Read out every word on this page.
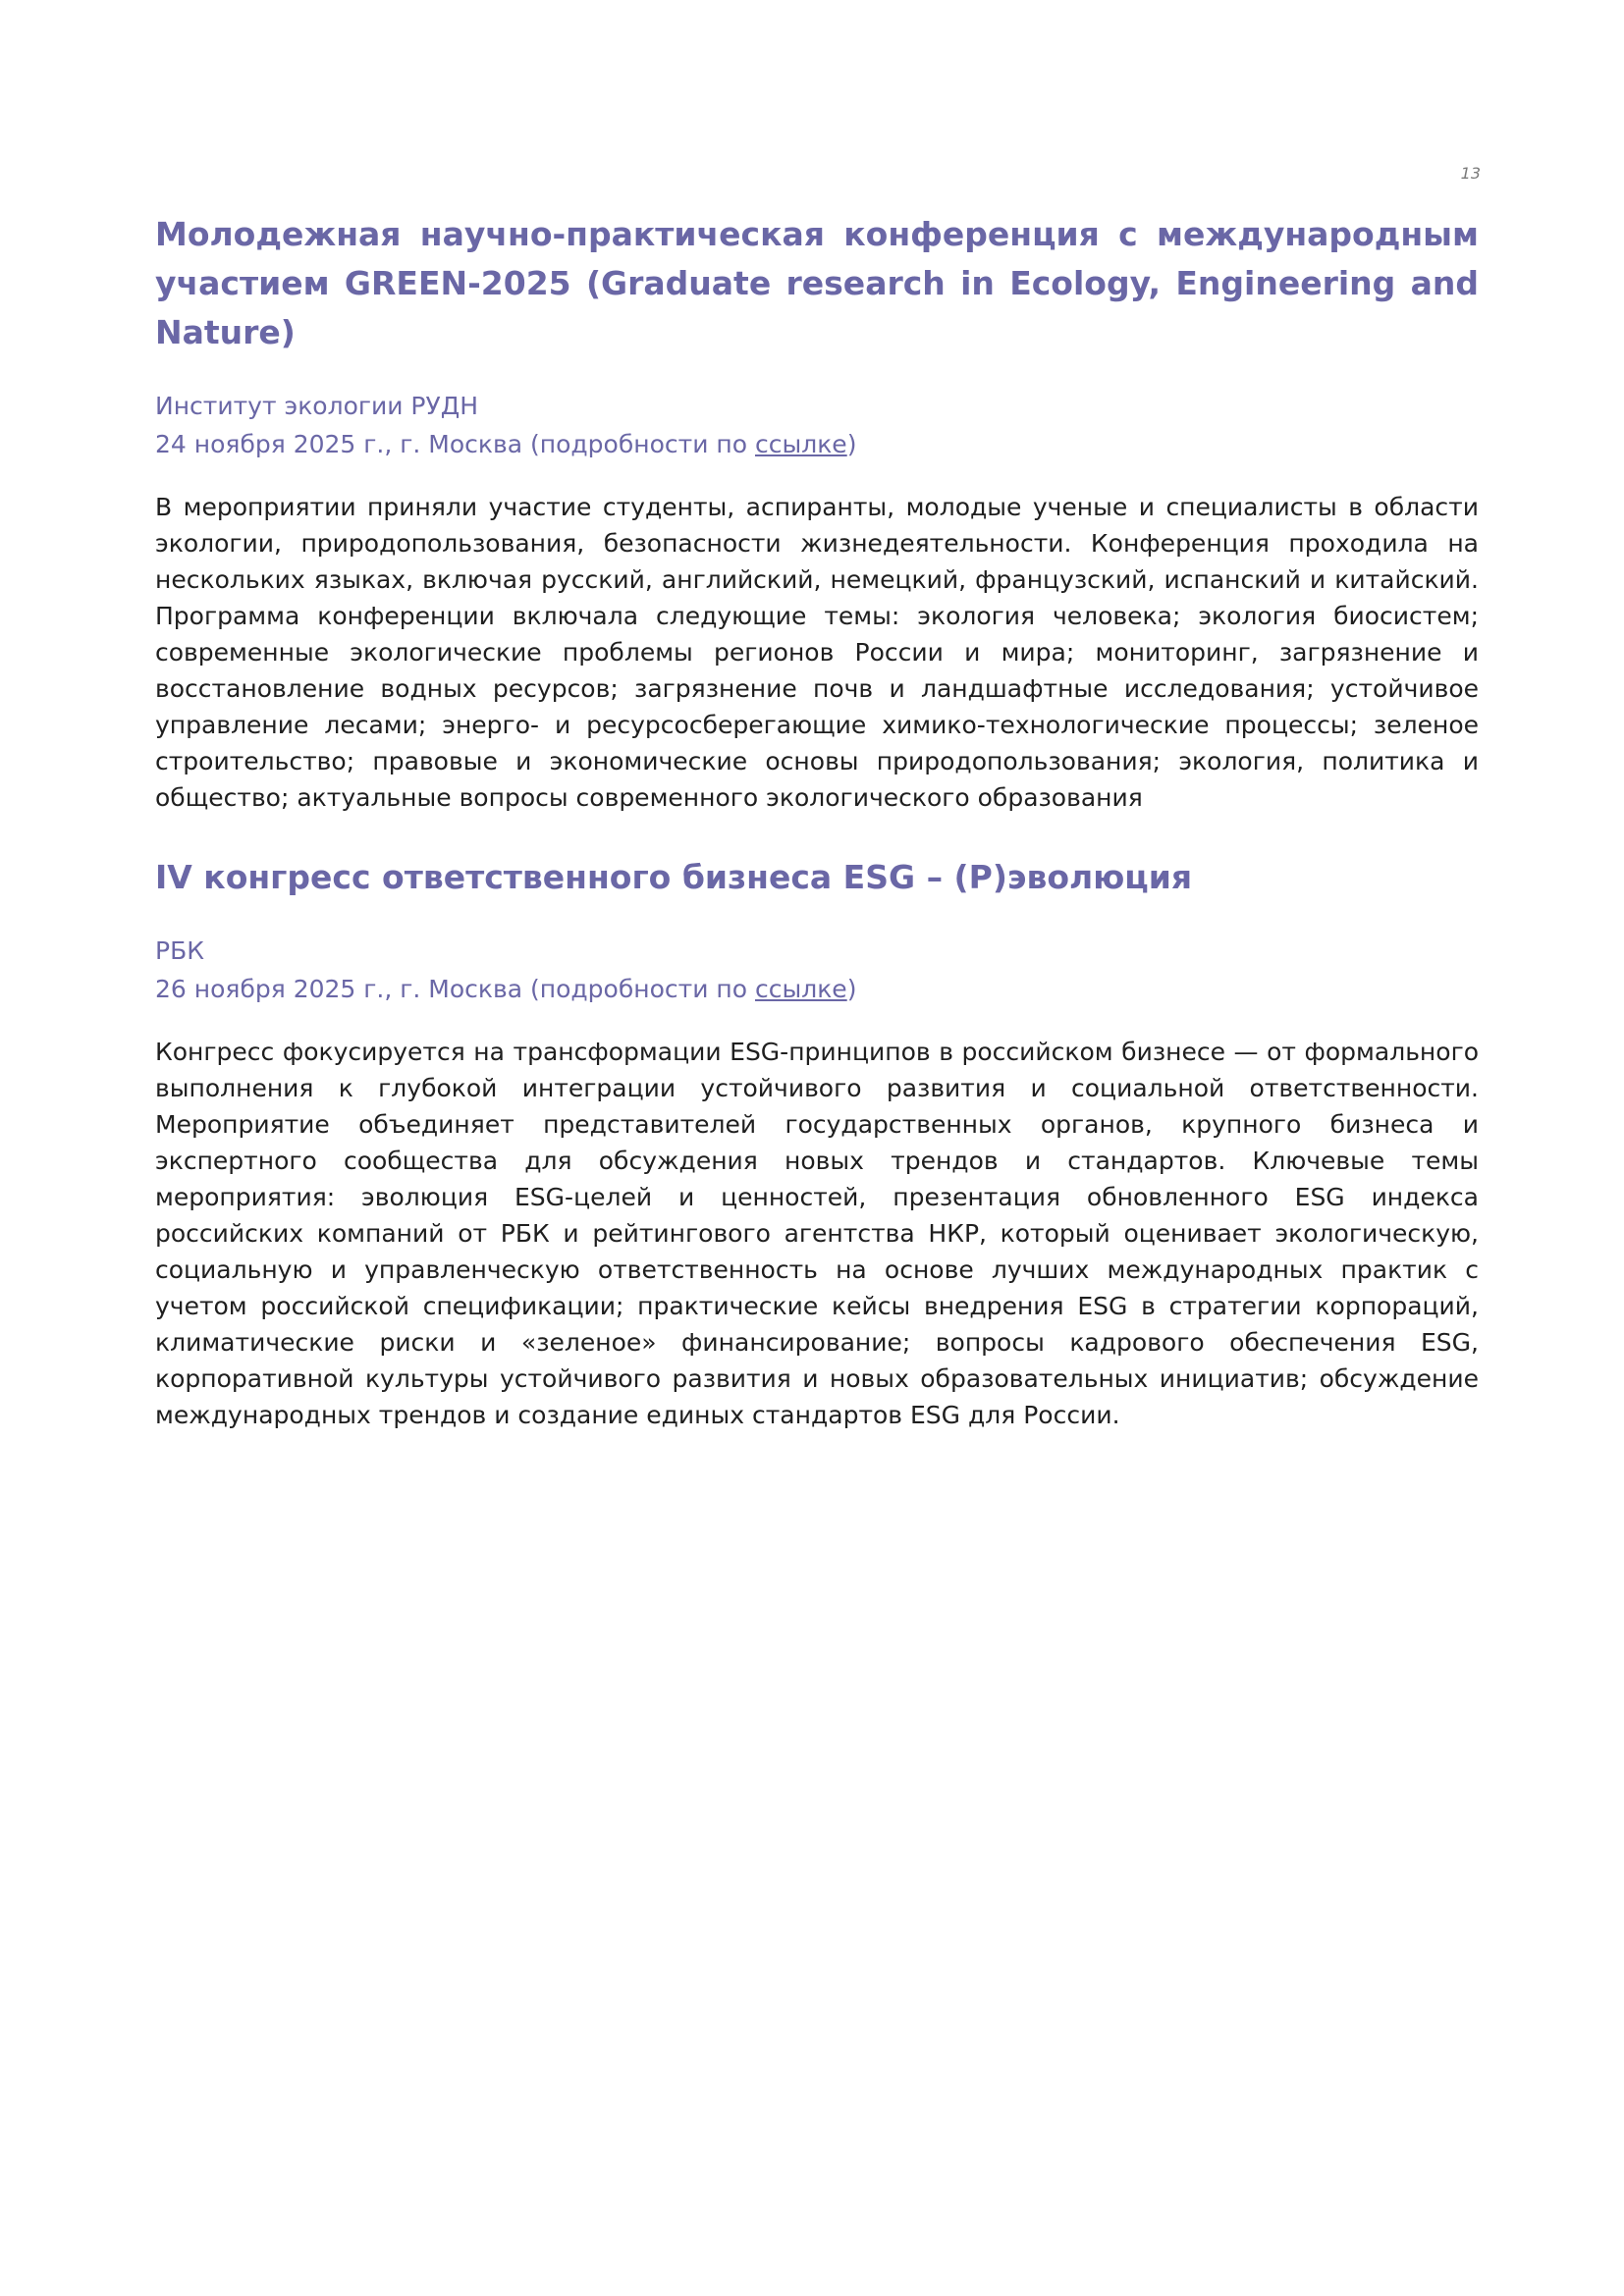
13
Молодежная научно-практическая конференция с международным участием GREEN-2025 (Graduate research in Ecology, Engineering and Nature)
Институт экологии РУДН
24 ноября 2025 г., г. Москва (подробности по ссылке)

В мероприятии приняли участие студенты, аспиранты, молодые ученые и специалисты в области экологии, природопользования, безопасности жизнедеятельности. Конференция проходила на нескольких языках, включая русский, английский, немецкий, французский, испанский и китайский. Программа конференции включала следующие темы: экология человека; экология биосистем; современные экологические проблемы регионов России и мира; мониторинг, загрязнение и восстановление водных ресурсов; загрязнение почв и ландшафтные исследования; устойчивое управление лесами; энерго- и ресурсосберегающие химико-технологические процессы; зеленое строительство; правовые и экономические основы природопользования; экология, политика и общество; актуальные вопросы современного экологического образования

IV конгресс ответственного бизнеса ESG – (Р)эволюция
РБК
26 ноября 2025 г., г. Москва (подробности по ссылке)

Конгресс фокусируется на трансформации ESG-принципов в российском бизнесе — от формального выполнения к глубокой интеграции устойчивого развития и социальной ответственности. Мероприятие объединяет представителей государственных органов, крупного бизнеса и экспертного сообщества для обсуждения новых трендов и стандартов. Ключевые темы мероприятия: эволюция ESG-целей и ценностей, презентация обновленного ESG индекса российских компаний от РБК и рейтингового агентства НКР, который оценивает экологическую, социальную и управленческую ответственность на основе лучших международных практик с учетом российской спецификации; практические кейсы внедрения ESG в стратегии корпораций, климатические риски и «зеленое» финансирование; вопросы кадрового обеспечения ESG, корпоративной культуры устойчивого развития и новых образовательных инициатив; обсуждение международных трендов и создание единых стандартов ESG для России.
